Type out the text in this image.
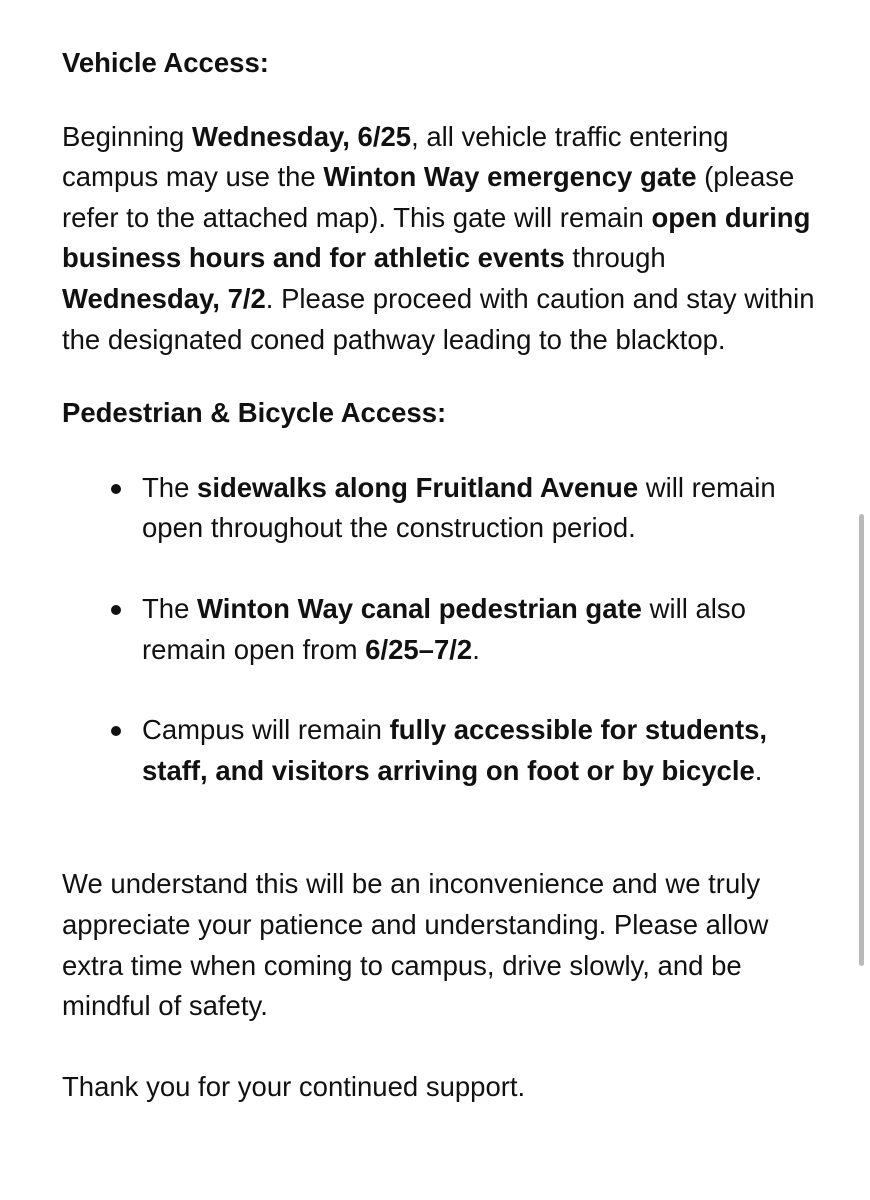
Vehicle Access:

Beginning Wednesday, 6/25, all vehicle traffic entering campus may use the Winton Way emergency gate (please refer to the attached map). This gate will remain open during business hours and for athletic events through Wednesday, 7/2. Please proceed with caution and stay within the designated coned pathway leading to the blacktop.

Pedestrian & Bicycle Access:
The sidewalks along Fruitland Avenue will remain open throughout the construction period.
The Winton Way canal pedestrian gate will also remain open from 6/25–7/2.
Campus will remain fully accessible for students, staff, and visitors arriving on foot or by bicycle.

We understand this will be an inconvenience and we truly appreciate your patience and understanding. Please allow extra time when coming to campus, drive slowly, and be mindful of safety.

Thank you for your continued support.
